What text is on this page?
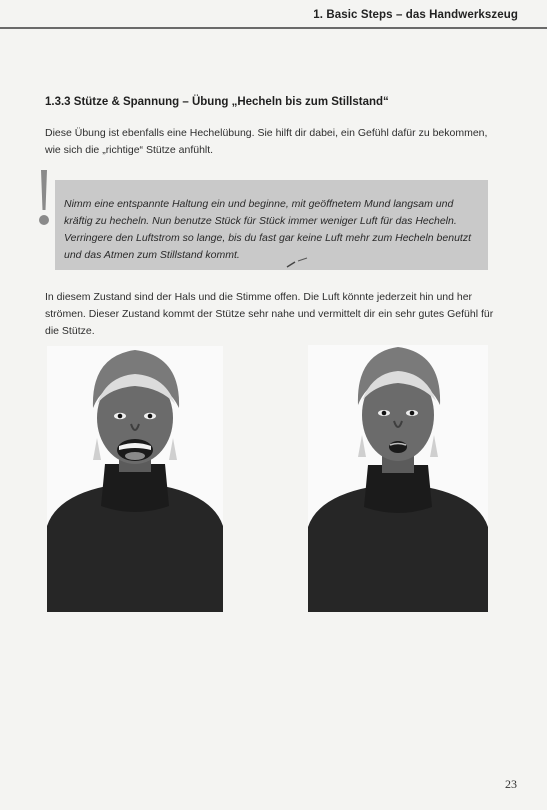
1. Basic Steps – das Handwerkszeug
1.3.3 Stütze & Spannung – Übung „Hecheln bis zum Stillstand“

Diese Übung ist ebenfalls eine Hechelübung. Sie hilft dir dabei, ein Gefühl dafür zu bekommen, wie sich die „richtige“ Stütze anfühlt.

Nimm eine entspannte Haltung ein und beginne, mit geöffnetem Mund langsam und kräftig zu hecheln. Nun benutze Stück für Stück immer weniger Luft für das Hecheln. Verringere den Luftstrom so lange, bis du fast gar keine Luft mehr zum Hecheln benutzt und das Atmen zum Stillstand kommt.

In diesem Zustand sind der Hals und die Stimme offen. Die Luft könnte jederzeit hin und her strömen. Dieser Zustand kommt der Stütze sehr nahe und vermittelt dir ein sehr gutes Gefühl für die Stütze.

23
